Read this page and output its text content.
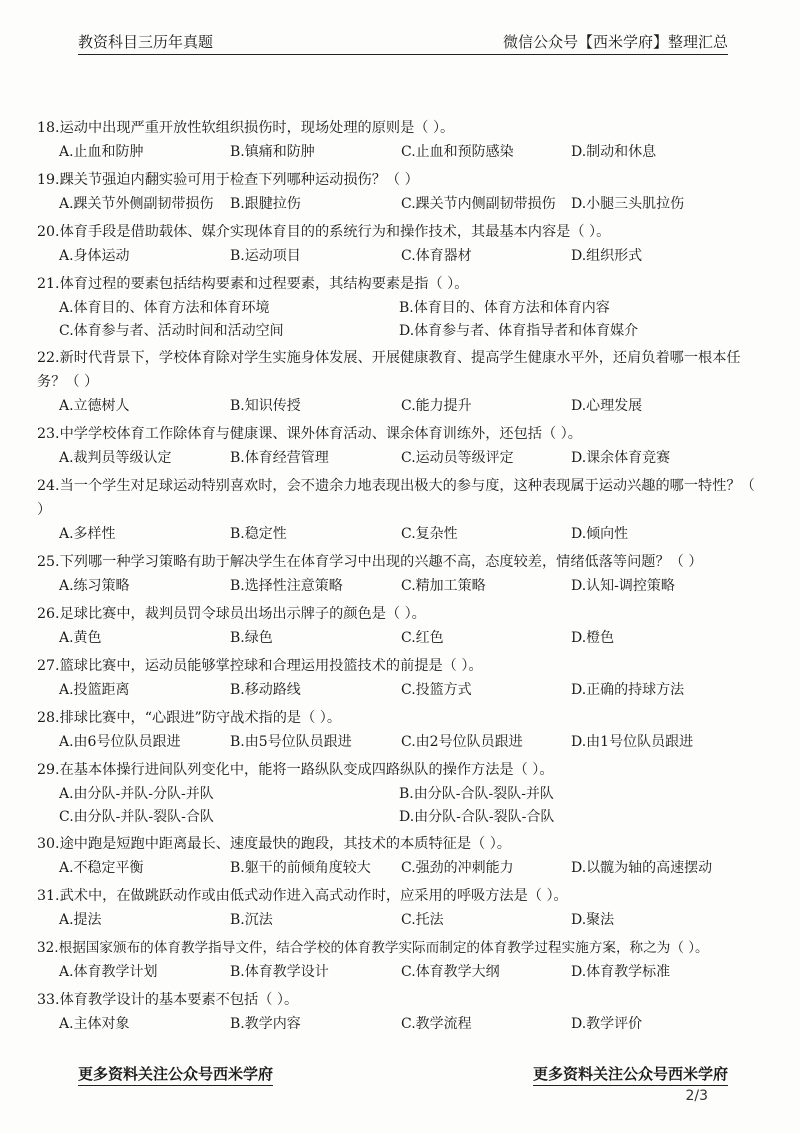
教资科目三历年真题	微信公众号【西米学府】整理汇总
18.运动中出现严重开放性软组织损伤时，现场处理的原则是（ ）。
A.止血和防肿	B.镇痛和防肿	C.止血和预防感染	D.制动和休息
19.踝关节强迫内翻实验可用于检查下列哪种运动损伤？（ ）
A.踝关节外侧副韧带损伤	B.跟腱拉伤	C.踝关节内侧副韧带损伤	D.小腿三头肌拉伤
20.体育手段是借助载体、媒介实现体育目的的系统行为和操作技术，其最基本内容是（ ）。
A.身体运动	B.运动项目	C.体育器材	D.组织形式
21.体育过程的要素包括结构要素和过程要素，其结构要素是指（ ）。
A.体育目的、体育方法和体育环境	B.体育目的、体育方法和体育内容
C.体育参与者、活动时间和活动空间	D.体育参与者、体育指导者和体育媒介
22.新时代背景下，学校体育除对学生实施身体发展、开展健康教育、提高学生健康水平外，还肩负着哪一根本任务？（ ）
A.立德树人	B.知识传授	C.能力提升	D.心理发展
23.中学学校体育工作除体育与健康课、课外体育活动、课余体育训练外，还包括（ ）。
A.裁判员等级认定	B.体育经营管理	C.运动员等级评定	D.课余体育竞赛
24.当一个学生对足球运动特别喜欢时，会不遗余力地表现出极大的参与度，这种表现属于运动兴趣的哪一特性？（ ）
A.多样性	B.稳定性	C.复杂性	D.倾向性
25.下列哪一种学习策略有助于解决学生在体育学习中出现的兴趣不高，态度较差，情绪低落等问题？（ ）
A.练习策略	B.选择性注意策略	C.精加工策略	D.认知-调控策略
26.足球比赛中，裁判员罚令球员出场出示牌子的颜色是（ ）。
A.黄色	B.绿色	C.红色	D.橙色
27.篮球比赛中，运动员能够掌控球和合理运用投篮技术的前提是（ ）。
A.投篮距离	B.移动路线	C.投篮方式	D.正确的持球方法
28.排球比赛中，“心跟进”防守战术指的是（ ）。
A.由6号位队员跟进	B.由5号位队员跟进	C.由2号位队员跟进	D.由1号位队员跟进
29.在基本体操行进间队列变化中，能将一路纵队变成四路纵队的操作方法是（ ）。
A.由分队-并队-分队-并队	B.由分队-合队-裂队-并队
C.由分队-并队-裂队-合队	D.由分队-合队-裂队-合队
30.途中跑是短跑中距离最长、速度最快的跑段，其技术的本质特征是（ ）。
A.不稳定平衡	B.躯干的前倾角度较大	C.强劲的冲刺能力	D.以髋为轴的高速摆动
31.武术中，在做跳跃动作或由低式动作进入高式动作时，应采用的呼吸方法是（ ）。
A.提法	B.沉法	C.托法	D.聚法
32.根据国家颁布的体育教学指导文件，结合学校的体育教学实际而制定的体育教学过程实施方案，称之为（ ）。
A.体育教学计划	B.体育教学设计	C.体育教学大纲	D.体育教学标准
33.体育教学设计的基本要素不包括（ ）。
A.主体对象	B.教学内容	C.教学流程	D.教学评价
更多资料关注公众号西米学府	更多资料关注公众号西米学府
2/3
